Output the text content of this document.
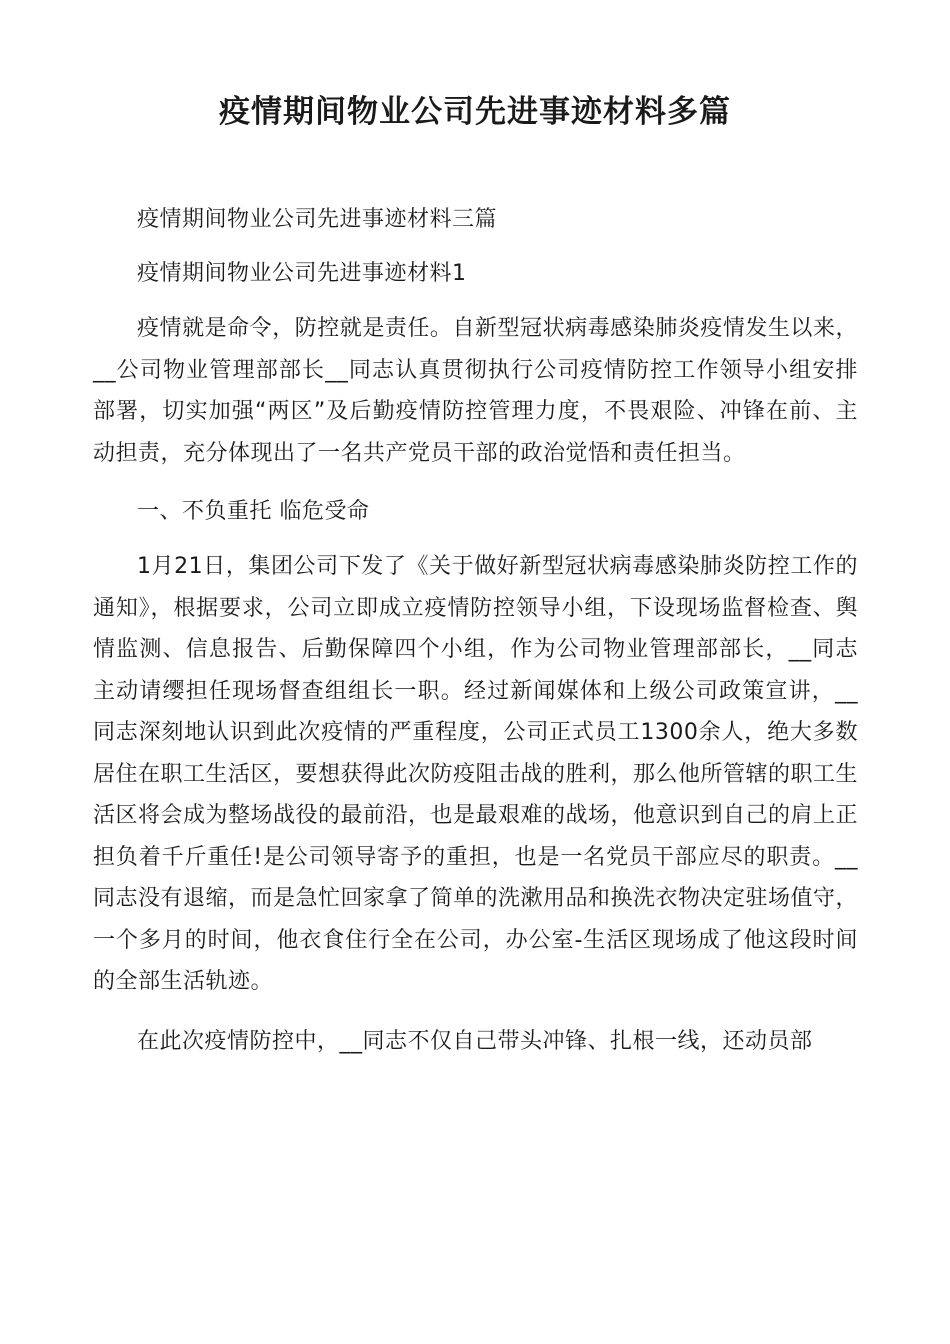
疫情期间物业公司先进事迹材料多篇

疫情期间物业公司先进事迹材料三篇

疫情期间物业公司先进事迹材料1

疫情就是命令，防控就是责任。自新型冠状病毒感染肺炎疫情发生以来，__公司物业管理部部长__同志认真贯彻执行公司疫情防控工作领导小组安排部署，切实加强“两区”及后勤疫情防控管理力度，不畏艰险、冲锋在前、主动担责，充分体现出了一名共产党员干部的政治觉悟和责任担当。

一、不负重托 临危受命

1月21日，集团公司下发了《关于做好新型冠状病毒感染肺炎防控工作的通知》，根据要求，公司立即成立疫情防控领导小组，下设现场监督检查、舆情监测、信息报告、后勤保障四个小组，作为公司物业管理部部长，__同志主动请缨担任现场督查组组长一职。经过新闻媒体和上级公司政策宣讲，__同志深刻地认识到此次疫情的严重程度，公司正式员工1300余人，绝大多数居住在职工生活区，要想获得此次防疫阻击战的胜利，那么他所管辖的职工生活区将会成为整场战役的最前沿，也是最艰难的战场，他意识到自己的肩上正担负着千斤重任!是公司领导寄予的重担，也是一名党员干部应尽的职责。__同志没有退缩，而是急忙回家拿了简单的洗漱用品和换洗衣物决定驻场值守，一个多月的时间，他衣食住行全在公司，办公室-生活区现场成了他这段时间的全部生活轨迹。

在此次疫情防控中，__同志不仅自己带头冲锋、扎根一线，还动员部
